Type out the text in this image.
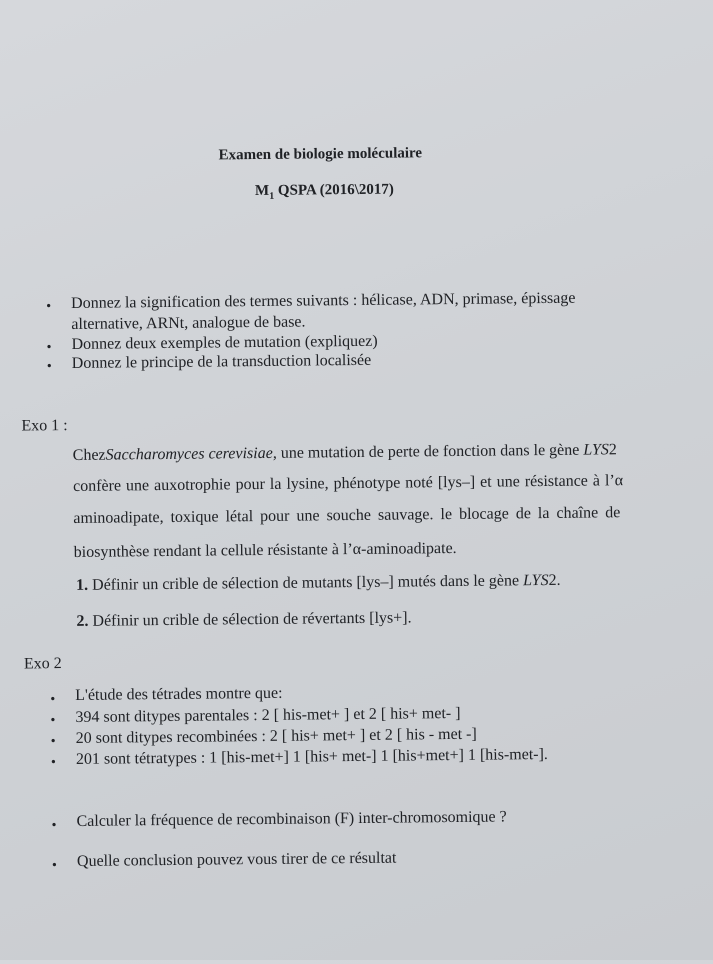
Examen de biologie moléculaire
$M_1$ QSPA (2016\2017)
•
Donnez la signification des termes suivants : hélicase, ADN, primase, épissage
alternative, ARNt, analogue de base.
•
Donnez deux exemples de mutation (expliquez)
•
Donnez le principe de la transduction localisée
Exo 1 :
ChezSaccharomyces cerevisiae, une mutation de perte de fonction dans le gène LYS2
confère une auxotrophie pour la lysine, phénotype noté [lys–] et une résistance à l’α
aminoadipate, toxique létal pour une souche sauvage. le blocage de la chaîne de
biosynthèse rendant la cellule résistante à l’α-aminoadipate.
1. Définir un crible de sélection de mutants [lys–] mutés dans le gène LYS2.
2. Définir un crible de sélection de révertants [lys+].
Exo 2
•
L'étude des tétrades montre que:
•
394 sont ditypes parentales : 2 [ his-met+ ] et 2 [ his+ met- ]
•
20 sont ditypes recombinées : 2 [ his+ met+ ] et 2 [ his - met -]
•
201 sont tétratypes : 1 [his-met+] 1 [his+ met-] 1 [his+met+] 1 [his-met-].
•
Calculer la fréquence de recombinaison (F) inter-chromosomique ?
•
Quelle conclusion pouvez vous tirer de ce résultat
